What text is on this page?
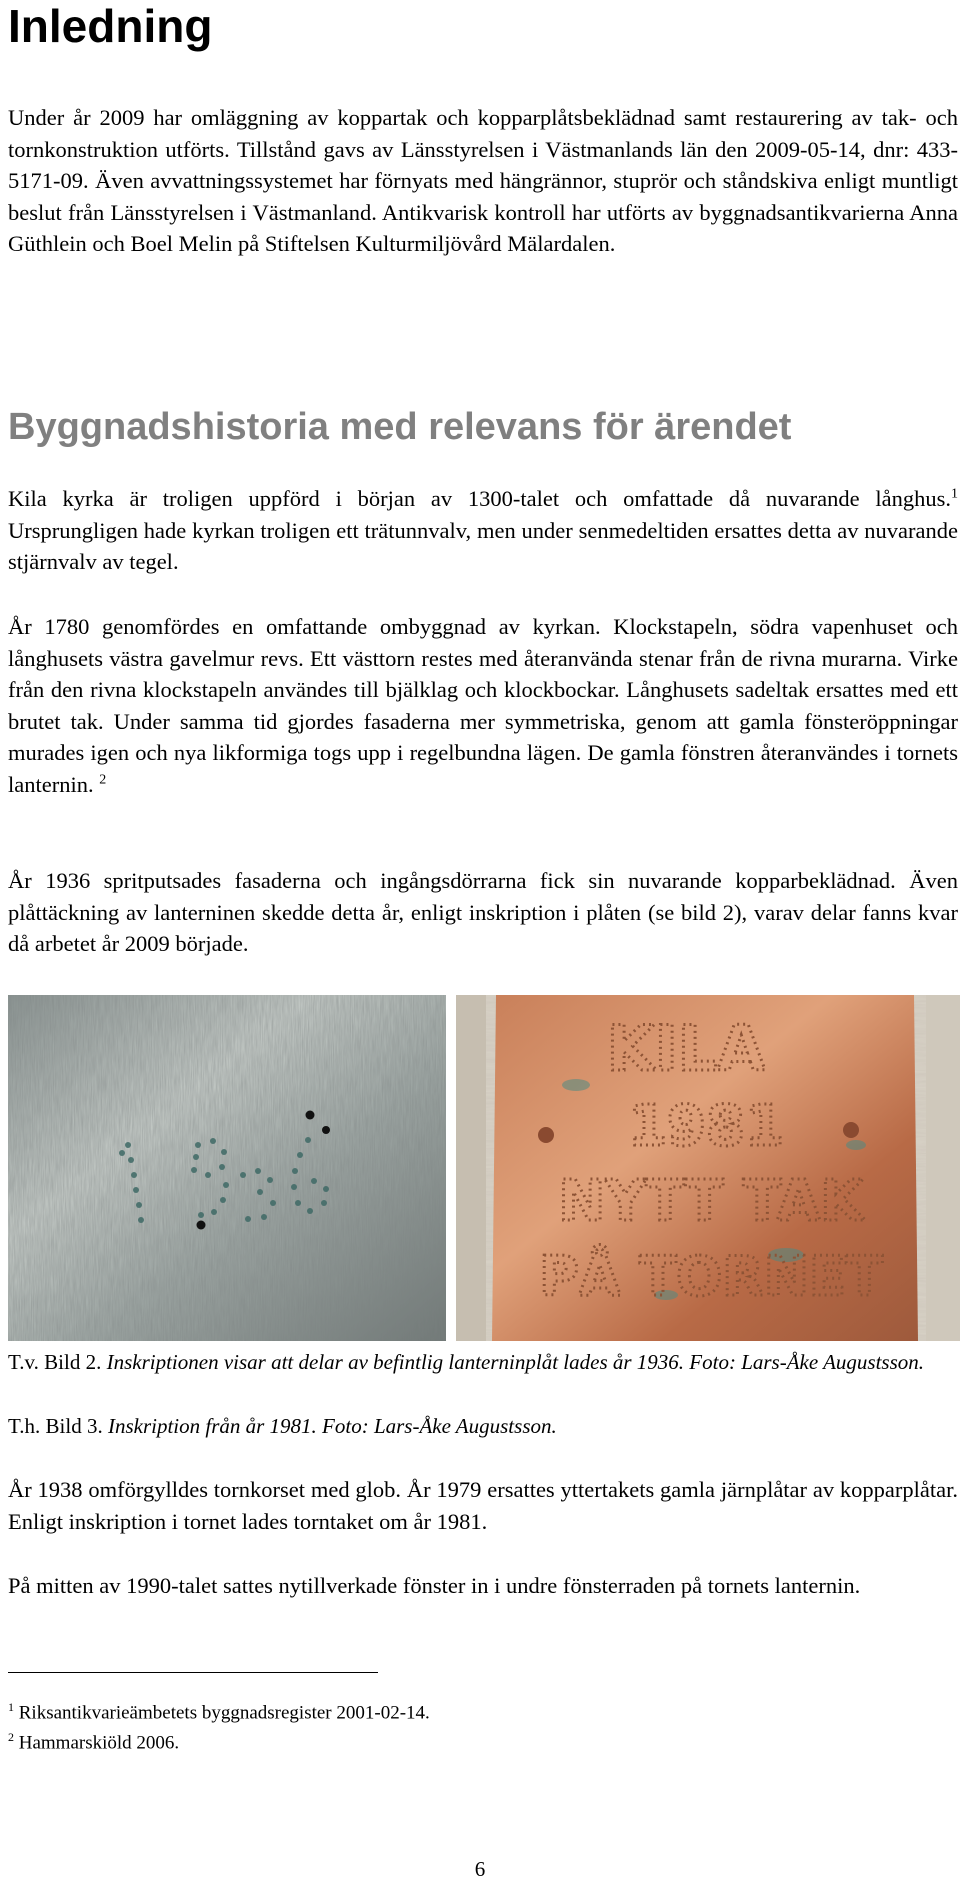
Inledning

Under år 2009 har omläggning av koppartak och kopparplåtsbeklädnad samt restaurering av tak- och tornkonstruktion utförts. Tillstånd gavs av Länsstyrelsen i Västmanlands län den 2009-05-14, dnr: 433-5171-09. Även avvattningssystemet har förnyats med hängrännor, stuprör och ståndskiva enligt muntligt beslut från Länsstyrelsen i Västmanland. Antikvarisk kontroll har utförts av byggnadsantikvarierna Anna Güthlein och Boel Melin på Stiftelsen Kulturmiljövård Mälardalen.

Byggnadshistoria med relevans för ärendet

Kila kyrka är troligen uppförd i början av 1300-talet och omfattade då nuvarande långhus.$^1$ Ursprungligen hade kyrkan troligen ett trätunnvalv, men under senmedeltiden ersattes detta av nuvarande stjärnvalv av tegel.

År 1780 genomfördes en omfattande ombyggnad av kyrkan. Klockstapeln, södra vapenhuset och långhusets västra gavelmur revs. Ett västtorn restes med återanvända stenar från de rivna murarna. Virke från den rivna klockstapeln användes till bjälklag och klockbockar. Långhusets sadeltak ersattes med ett brutet tak. Under samma tid gjordes fasaderna mer symmetriska, genom att gamla fönsteröppningar murades igen och nya likformiga togs upp i regelbundna lägen. De gamla fönstren återanvändes i tornets lanternin. $^2$

År 1936 spritputsades fasaderna och ingångsdörrarna fick sin nuvarande kopparbeklädnad. Även plåttäckning av lanterninen skedde detta år, enligt inskription i plåten (se bild 2), varav delar fanns kvar då arbetet år 2009 började.

KILA
1981
NYTT TAK
PÅ TORNET

T.v. Bild 2. Inskriptionen visar att delar av befintlig lanterninplåt lades år 1936. Foto: Lars-Åke Augustsson.

T.h. Bild 3. Inskription från år 1981. Foto: Lars-Åke Augustsson.

År 1938 omförgylldes tornkorset med glob. År 1979 ersattes yttertakets gamla järnplåtar av kopparplåtar. Enligt inskription i tornet lades torntaket om år 1981.

På mitten av 1990-talet sattes nytillverkade fönster in i undre fönsterraden på tornets lanternin.

$^1$ Riksantikvarieämbetets byggnadsregister 2001-02-14.

$^2$ Hammarskiöld 2006.

6
